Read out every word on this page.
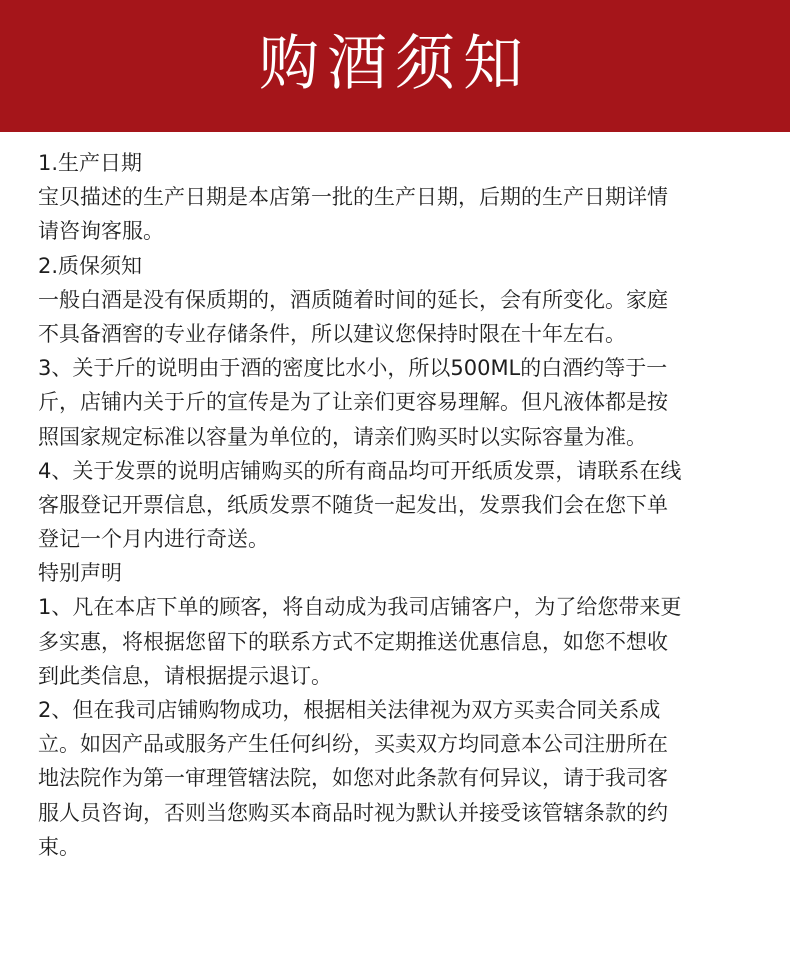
购酒须知
1.生产日期
宝贝描述的生产日期是本店第一批的生产日期，后期的生产日期详情
请咨询客服。
2.质保须知
一般白酒是没有保质期的，酒质随着时间的延长，会有所变化。家庭
不具备酒窖的专业存储条件，所以建议您保持时限在十年左右。
3、关于斤的说明由于酒的密度比水小，所以500ML的白酒约等于一
斤，店铺内关于斤的宣传是为了让亲们更容易理解。但凡液体都是按
照国家规定标准以容量为单位的，请亲们购买时以实际容量为准。
4、关于发票的说明店铺购买的所有商品均可开纸质发票，请联系在线
客服登记开票信息，纸质发票不随货一起发出，发票我们会在您下单
登记一个月内进行奇送。
特别声明
1、凡在本店下单的顾客，将自动成为我司店铺客户，为了给您带来更
多实惠，将根据您留下的联系方式不定期推送优惠信息，如您不想收
到此类信息，请根据提示退订。
2、但在我司店铺购物成功，根据相关法律视为双方买卖合同关系成
立。如因产品或服务产生任何纠纷，买卖双方均同意本公司注册所在
地法院作为第一审理管辖法院，如您对此条款有何异议，请于我司客
服人员咨询，否则当您购买本商品时视为默认并接受该管辖条款的约
束。
